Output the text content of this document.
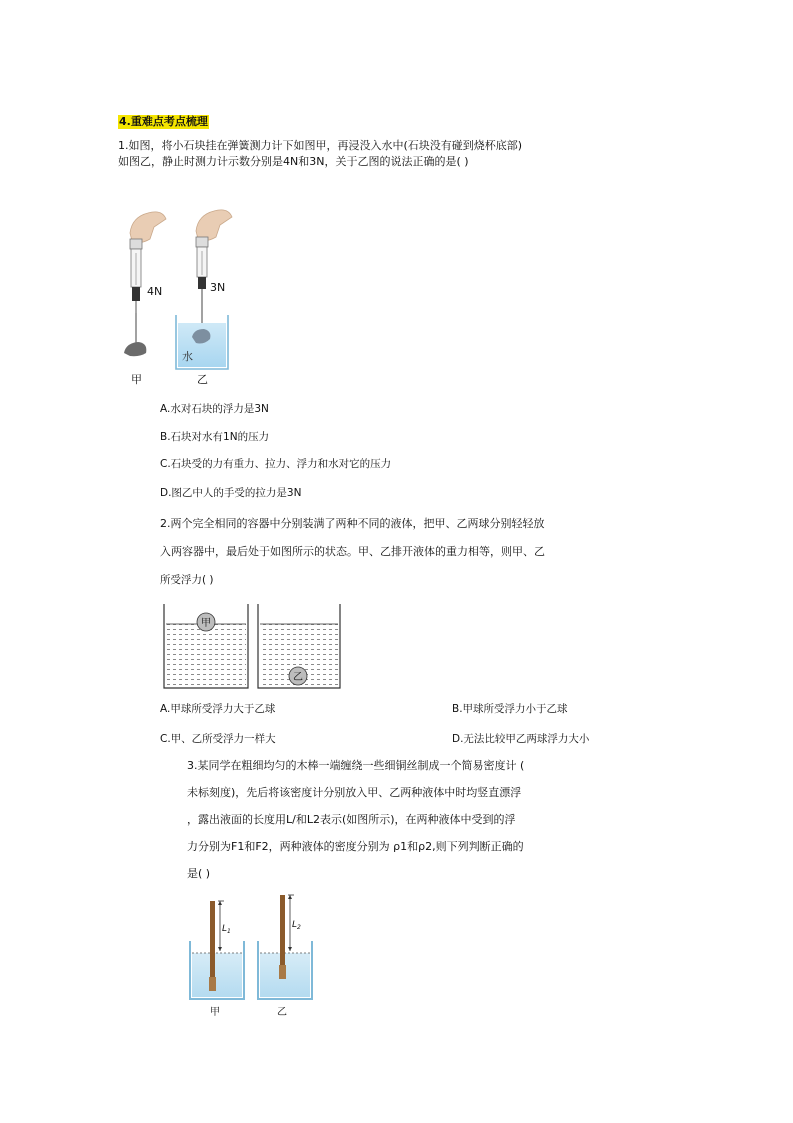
4.重难点考点梳理
1.如图，将小石块挂在弹簧测力计下如图甲，再浸没入水中(石块没有碰到烧杯底部)
如图乙，静止时测力计示数分别是4N和3N，关于乙图的说法正确的是( )
4N	3N
水
甲	乙
A.水对石块的浮力是3N
B.石块对水有1N的压力
C.石块受的力有重力、拉力、浮力和水对它的压力
D.图乙中人的手受的拉力是3N
2.两个完全相同的容器中分别装满了两种不同的液体，把甲、乙两球分别轻轻放
入两容器中，最后处于如图所示的状态。甲、乙排开液体的重力相等，则甲、乙
所受浮力( )
甲
乙
A.甲球所受浮力大于乙球	B.甲球所受浮力小于乙球
C.甲、乙所受浮力一样大	D.无法比较甲乙两球浮力大小
3.某同学在粗细均匀的木棒一端缠绕一些细铜丝制成一个简易密度计 (
未标刻度)，先后将该密度计分别放入甲、乙两种液体中时均竖直漂浮
，露出液面的长度用L/和L2表示(如图所示)，在两种液体中受到的浮
力分别为F1和F2，两种液体的密度分别为 ρ1和ρ2,则下列判断正确的
是( )
$L_1$
$L_2$
甲	乙
